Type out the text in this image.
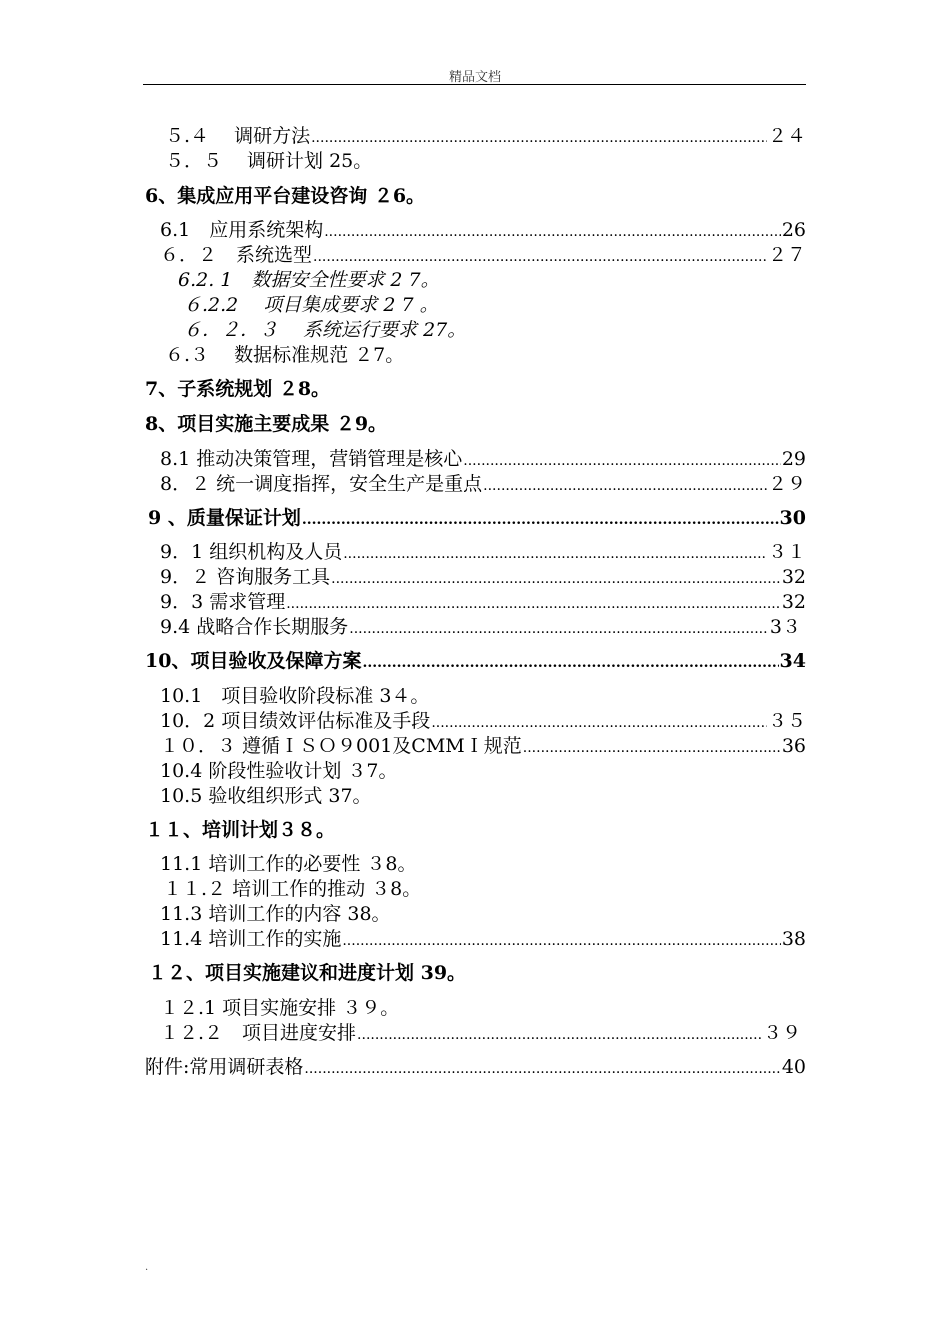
精品文档
５.４　 调研方法 .....	２４
５．５　 调研计划 25。
6、集成应用平台建设咨询 ２6。
6.1　应用系统架构 .....	26
６．２　系统选型 .....	２７
6.2. 1　数据安全性要求 2 7。
６.2.2　 项目集成要求 2 7 。
６．２．３　 系统运行要求 27。
６.３　 数据标准规范 ２7。
7、子系统规划 ２8。
8、项目实施主要成果 ２9。
8.1 推动决策管理，营销管理是核心 .....	29
8．２ 统一调度指挥，安全生产是重点 .....	２９
9 、质量保证计划 .....	30
9．1 组织机构及人员 .....	３１
9．２ 咨询服务工具 .....	32
9．3 需求管理 .....	32
9.4 战略合作长期服务 .....	3３
10、项目验收及保障方案 .....	34
10.1　项目验收阶段标准 3４。
10．2 项目绩效评估标准及手段 .....	３５
１０．３ 遵循ＩＳＯ９001及CMMＩ规范 .....	36
10.4 阶段性验收计划 ３7。
10.5 验收组织形式 37。
１１、培训计划３８。
11.1 培训工作的必要性 ３8。
１１.２ 培训工作的推动 ３8。
11.3 培训工作的内容 38。
11.4 培训工作的实施 .....	38
１２、项目实施建议和进度计划 39。
１２.1 项目实施安排 ３９。
１２.２　项目进度安排 .....	３９
附件:常用调研表格 .....	40
.
